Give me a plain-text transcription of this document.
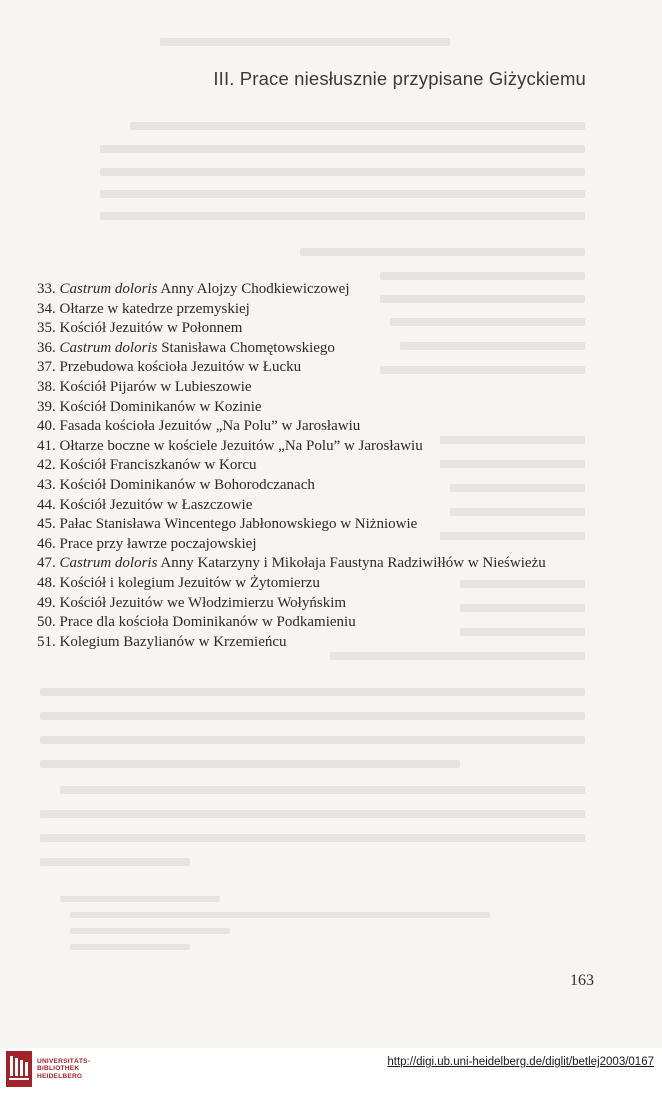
III. Prace niesłusznie przypisane Giżyckiemu
33. Castrum doloris Anny Alojzy Chodkiewiczowej
34. Ołtarze w katedrze przemyskiej
35. Kościół Jezuitów w Połonnem
36. Castrum doloris Stanisława Chomętowskiego
37. Przebudowa kościoła Jezuitów w Łucku
38. Kościół Pijarów w Lubieszowie
39. Kościół Dominikanów w Kozinie
40. Fasada kościoła Jezuitów „Na Polu” w Jarosławiu
41. Ołtarze boczne w kościele Jezuitów „Na Polu” w Jarosławiu
42. Kościół Franciszkanów w Korcu
43. Kościół Dominikanów w Bohorodczanach
44. Kościół Jezuitów w Łaszczowie
45. Pałac Stanisława Wincentego Jabłonowskiego w Niżniowie
46. Prace przy ławrze poczajowskiej
47. Castrum doloris Anny Katarzyny i Mikołaja Faustyna Radziwiłłów w Nieświeżu
48. Kościół i kolegium Jezuitów w Żytomierzu
49. Kościół Jezuitów we Włodzimierzu Wołyńskim
50. Prace dla kościoła Dominikanów w Podkamieniu
51. Kolegium Bazylianów w Krzemieńcu
163
UNIVERSITÄTS-
BIBLIOTHEK
HEIDELBERG
http://digi.ub.uni-heidelberg.de/diglit/betlej2003/0167
